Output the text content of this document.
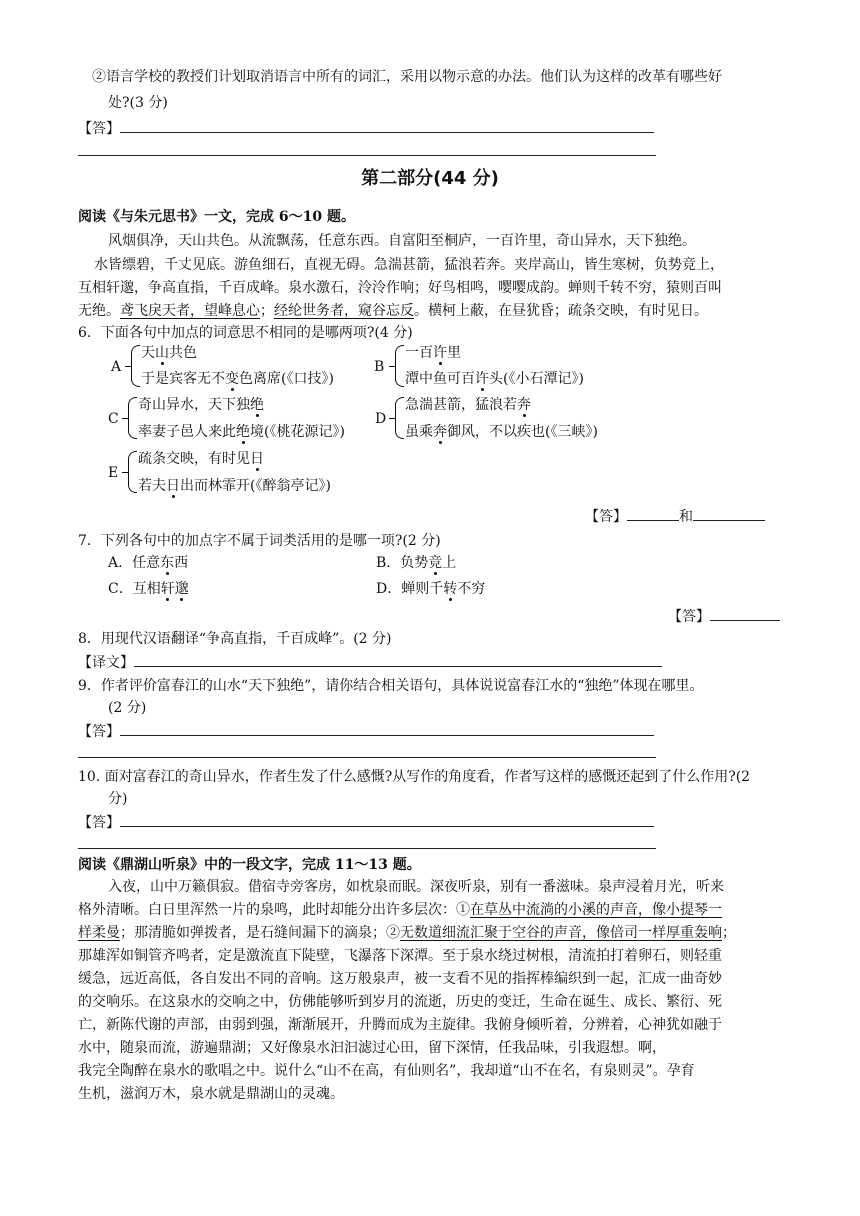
②语言学校的教授们计划取消语言中所有的词汇，采用以物示意的办法。他们认为这样的改革有哪些好
处?(3 分)
【答】
第二部分(44 分)
阅读《与朱元思书》一文，完成 6～10 题。
风烟俱净，天山共色。从流飘荡，任意东西。自富阳至桐庐，一百许里，奇山异水，天下独绝。
水皆缥碧，千丈见底。游鱼细石，直视无碍。急湍甚箭，猛浪若奔。夹岸高山，皆生寒树，负势竞上，
互相轩邈，争高直指，千百成峰。泉水激石，泠泠作响；好鸟相鸣，嘤嘤成韵。蝉则千转不穷，猿则百叫
无绝。鸢飞戾天者，望峰息心；经纶世务者，窥谷忘反。横柯上蔽，在昼犹昏；疏条交映，有时见日。
6．下面各句中加点的词意思不相同的是哪两项?(4 分)
A
天山共色
于是宾客无不变色离席(《口技》)
B
一百许里
潭中鱼可百许头(《小石潭记》)
C
奇山异水，天下独绝
率妻子邑人来此绝境(《桃花源记》)
D
急湍甚箭，猛浪若奔
虽乘奔御风，不以疾也(《三峡》)
E
疏条交映，有时见日
若夫日出而林霏开(《醉翁亭记》)
【答】	和
7．下列各句中的加点字不属于词类活用的是哪一项?(2 分)
A．任意东西	B．负势竞上
C．互相轩邈	D．蝉则千转不穷
【答】
8．用现代汉语翻译“争高直指，千百成峰”。(2 分)
【译文】
9．作者评价富春江的山水“天下独绝”，请你结合相关语句，具体说说富春江水的“独绝”体现在哪里。
(2 分)
【答】
10. 面对富春江的奇山异水，作者生发了什么感慨?从写作的角度看，作者写这样的感慨还起到了什么作用?(2
分)
【答】
阅读《鼎湖山听泉》中的一段文字，完成 11～13 题。
入夜，山中万籁俱寂。借宿寺旁客房，如枕泉而眠。深夜听泉，别有一番滋味。泉声浸着月光，听来
格外清晰。白日里浑然一片的泉鸣，此时却能分出许多层次：①在草丛中流淌的小溪的声音，像小提琴一
样柔曼；那清脆如弹拨者，是石缝间漏下的滴泉；②无数道细流汇聚于空谷的声音，像倍司一样厚重轰响；
那雄浑如铜管齐鸣者，定是激流直下陡壁，飞瀑落下深潭。至于泉水绕过树根，清流拍打着卵石，则轻重
缓急，远近高低，各自发出不同的音响。这万般泉声，被一支看不见的指挥棒编织到一起，汇成一曲奇妙
的交响乐。在这泉水的交响之中，仿佛能够听到岁月的流逝，历史的变迁，生命在诞生、成长、繁衍、死
亡，新陈代谢的声部，由弱到强，渐渐展开，升腾而成为主旋律。我俯身倾听着，分辨着，心神犹如融于
水中，随泉而流，游遍鼎湖；又好像泉水汩汩滤过心田，留下深情，任我品味，引我遐想。啊，
我完全陶醉在泉水的歌唱之中。说什么“山不在高，有仙则名”，我却道“山不在名，有泉则灵”。孕育
生机，滋润万木，泉水就是鼎湖山的灵魂。
